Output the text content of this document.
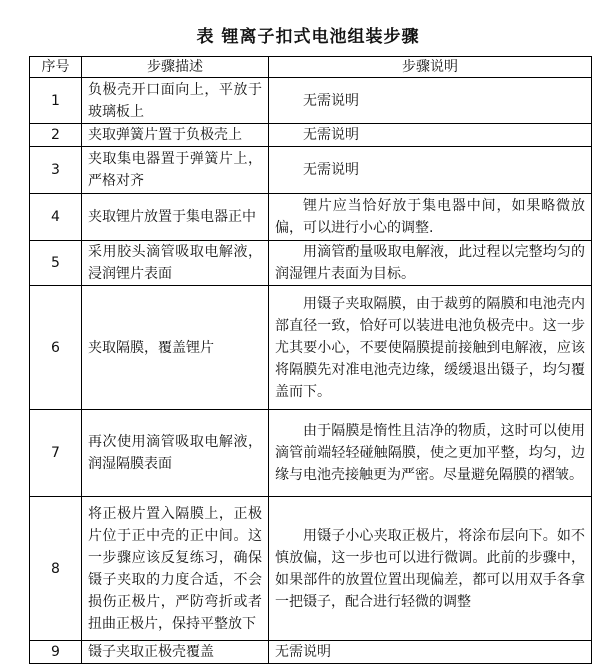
表 锂离子扣式电池组装步骤
序号	步骤描述	步骤说明
1	负极壳开口面向上，平放于玻璃板上	无需说明
2	夹取弹簧片置于负极壳上	无需说明
3	夹取集电器置于弹簧片上，严格对齐	无需说明
4	夹取锂片放置于集电器正中	锂片应当恰好放于集电器中间，如果略微放偏，可以进行小心的调整.
5	采用胶头滴管吸取电解液，浸润锂片表面	用滴管酌量吸取电解液，此过程以完整均匀的润湿锂片表面为目标。
6	夹取隔膜，覆盖锂片	用镊子夹取隔膜，由于裁剪的隔膜和电池壳内部直径一致，恰好可以装进电池负极壳中。这一步尤其要小心，不要使隔膜提前接触到电解液，应该将隔膜先对准电池壳边缘，缓缓退出镊子，均匀覆盖而下。
7	再次使用滴管吸取电解液，润湿隔膜表面	由于隔膜是惰性且洁净的物质，这时可以使用滴管前端轻轻碰触隔膜，使之更加平整，均匀，边缘与电池壳接触更为严密。尽量避免隔膜的褶皱。
8	将正极片置入隔膜上，正极片位于正中壳的正中间。这一步骤应该反复练习，确保镊子夹取的力度合适，不会损伤正极片，严防弯折或者扭曲正极片，保持平整放下	用镊子小心夹取正极片，将涂布层向下。如不慎放偏，这一步也可以进行微调。此前的步骤中，如果部件的放置位置出现偏差，都可以用双手各拿一把镊子，配合进行轻微的调整
9	镊子夹取正极壳覆盖	无需说明
